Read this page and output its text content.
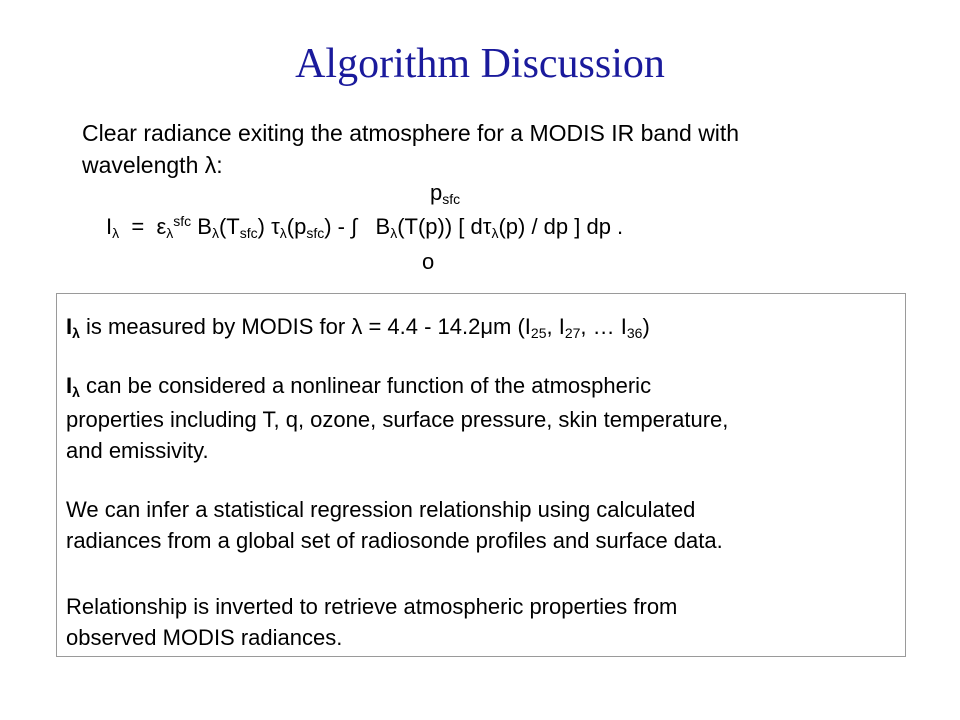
Algorithm Discussion
Clear radiance exiting the atmosphere for a MODIS IR band with
wavelength λ:
psfc
o
$I\lambda = \varepsilon\lambda^{sfc}$ Bλ(Tsfc) τλ(psfc) - ∫ Bλ(T(p)) [ dτλ(p) / dp ] dp .
Iλ is measured by MODIS for λ = 4.4 - 14.2μm (I25, I27, … I36)
Iλ can be considered a nonlinear function of the atmospheric
properties including T, q, ozone, surface pressure, skin temperature,
and emissivity.
We can infer a statistical regression relationship using calculated
radiances from a global set of radiosonde profiles and surface data.
Relationship is inverted to retrieve atmospheric properties from
observed MODIS radiances.
